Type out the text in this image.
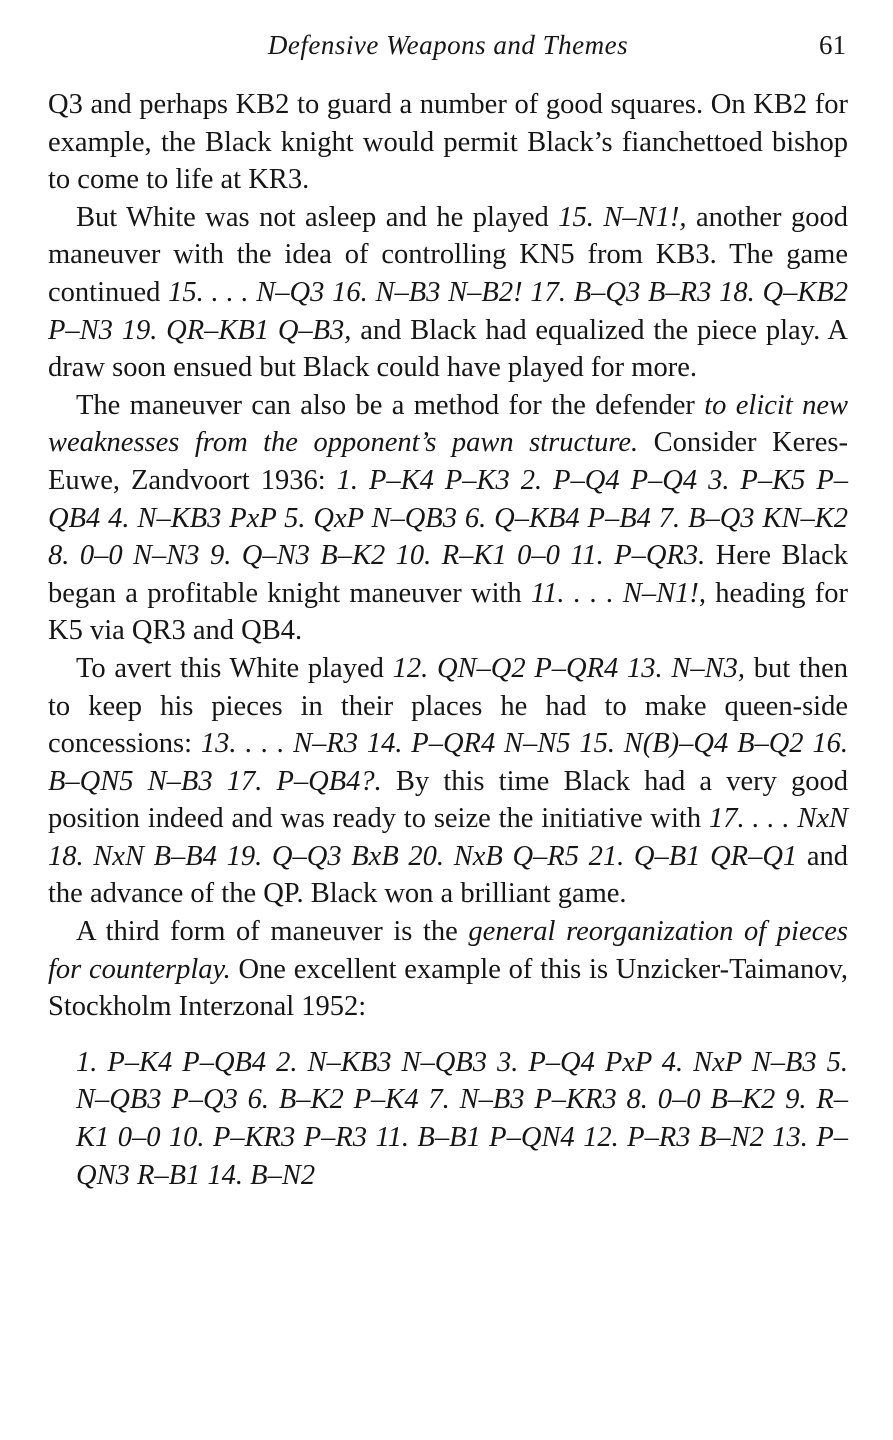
Defensive Weapons and Themes	61

Q3 and perhaps KB2 to guard a number of good squares. On KB2 for example, the Black knight would permit Black’s fianchettoed bishop to come to life at KR3.

But White was not asleep and he played 15. N–N1!, another good maneuver with the idea of controlling KN5 from KB3. The game continued 15. . . . N–Q3 16. N–B3 N–B2! 17. B–Q3 B–R3 18. Q–KB2 P–N3 19. QR–KB1 Q–B3, and Black had equalized the piece play. A draw soon ensued but Black could have played for more.

The maneuver can also be a method for the defender to elicit new weaknesses from the opponent’s pawn structure. Consider Keres-Euwe, Zandvoort 1936: 1. P–K4 P–K3 2. P–Q4 P–Q4 3. P–K5 P–QB4 4. N–KB3 PxP 5. QxP N–QB3 6. Q–KB4 P–B4 7. B–Q3 KN–K2 8. 0–0 N–N3 9. Q–N3 B–K2 10. R–K1 0–0 11. P–QR3. Here Black began a profitable knight maneuver with 11. . . . N–N1!, heading for K5 via QR3 and QB4.

To avert this White played 12. QN–Q2 P–QR4 13. N–N3, but then to keep his pieces in their places he had to make queen-side concessions: 13. . . . N–R3 14. P–QR4 N–N5 15. N(B)–Q4 B–Q2 16. B–QN5 N–B3 17. P–QB4?. By this time Black had a very good position indeed and was ready to seize the initiative with 17. . . . NxN 18. NxN B–B4 19. Q–Q3 BxB 20. NxB Q–R5 21. Q–B1 QR–Q1 and the advance of the QP. Black won a brilliant game.

A third form of maneuver is the general reorganization of pieces for counterplay. One excellent example of this is Unzicker-Taimanov, Stockholm Interzonal 1952:

1. P–K4 P–QB4 2. N–KB3 N–QB3 3. P–Q4 PxP 4. NxP N–B3 5. N–QB3 P–Q3 6. B–K2 P–K4 7. N–B3 P–KR3 8. 0–0 B–K2 9. R–K1 0–0 10. P–KR3 P–R3 11. B–B1 P–QN4 12. P–R3 B–N2 13. P–QN3 R–B1 14. B–N2
